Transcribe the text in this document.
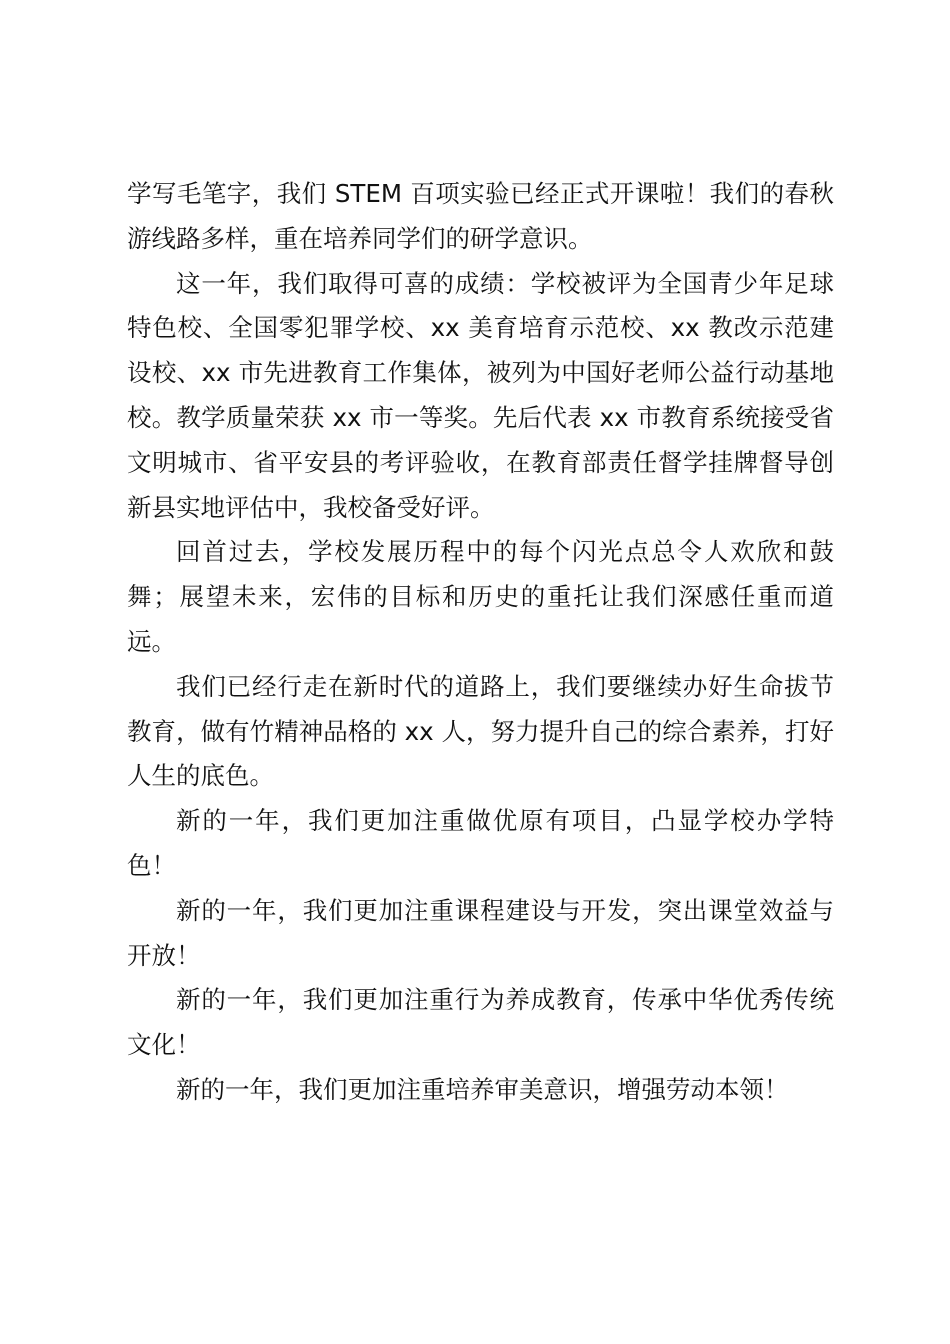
学写毛笔字，我们 STEM 百项实验已经正式开课啦！我们的春秋游线路多样，重在培养同学们的研学意识。

这一年，我们取得可喜的成绩：学校被评为全国青少年足球特色校、全国零犯罪学校、xx 美育培育示范校、xx 教改示范建设校、xx 市先进教育工作集体，被列为中国好老师公益行动基地校。教学质量荣获 xx 市一等奖。先后代表 xx 市教育系统接受省文明城市、省平安县的考评验收，在教育部责任督学挂牌督导创新县实地评估中，我校备受好评。

回首过去，学校发展历程中的每个闪光点总令人欢欣和鼓舞；展望未来，宏伟的目标和历史的重托让我们深感任重而道远。

我们已经行走在新时代的道路上，我们要继续办好生命拔节教育，做有竹精神品格的 xx 人，努力提升自己的综合素养，打好人生的底色。

新的一年，我们更加注重做优原有项目，凸显学校办学特色！

新的一年，我们更加注重课程建设与开发，突出课堂效益与开放！

新的一年，我们更加注重行为养成教育，传承中华优秀传统文化！

新的一年，我们更加注重培养审美意识，增强劳动本领！
